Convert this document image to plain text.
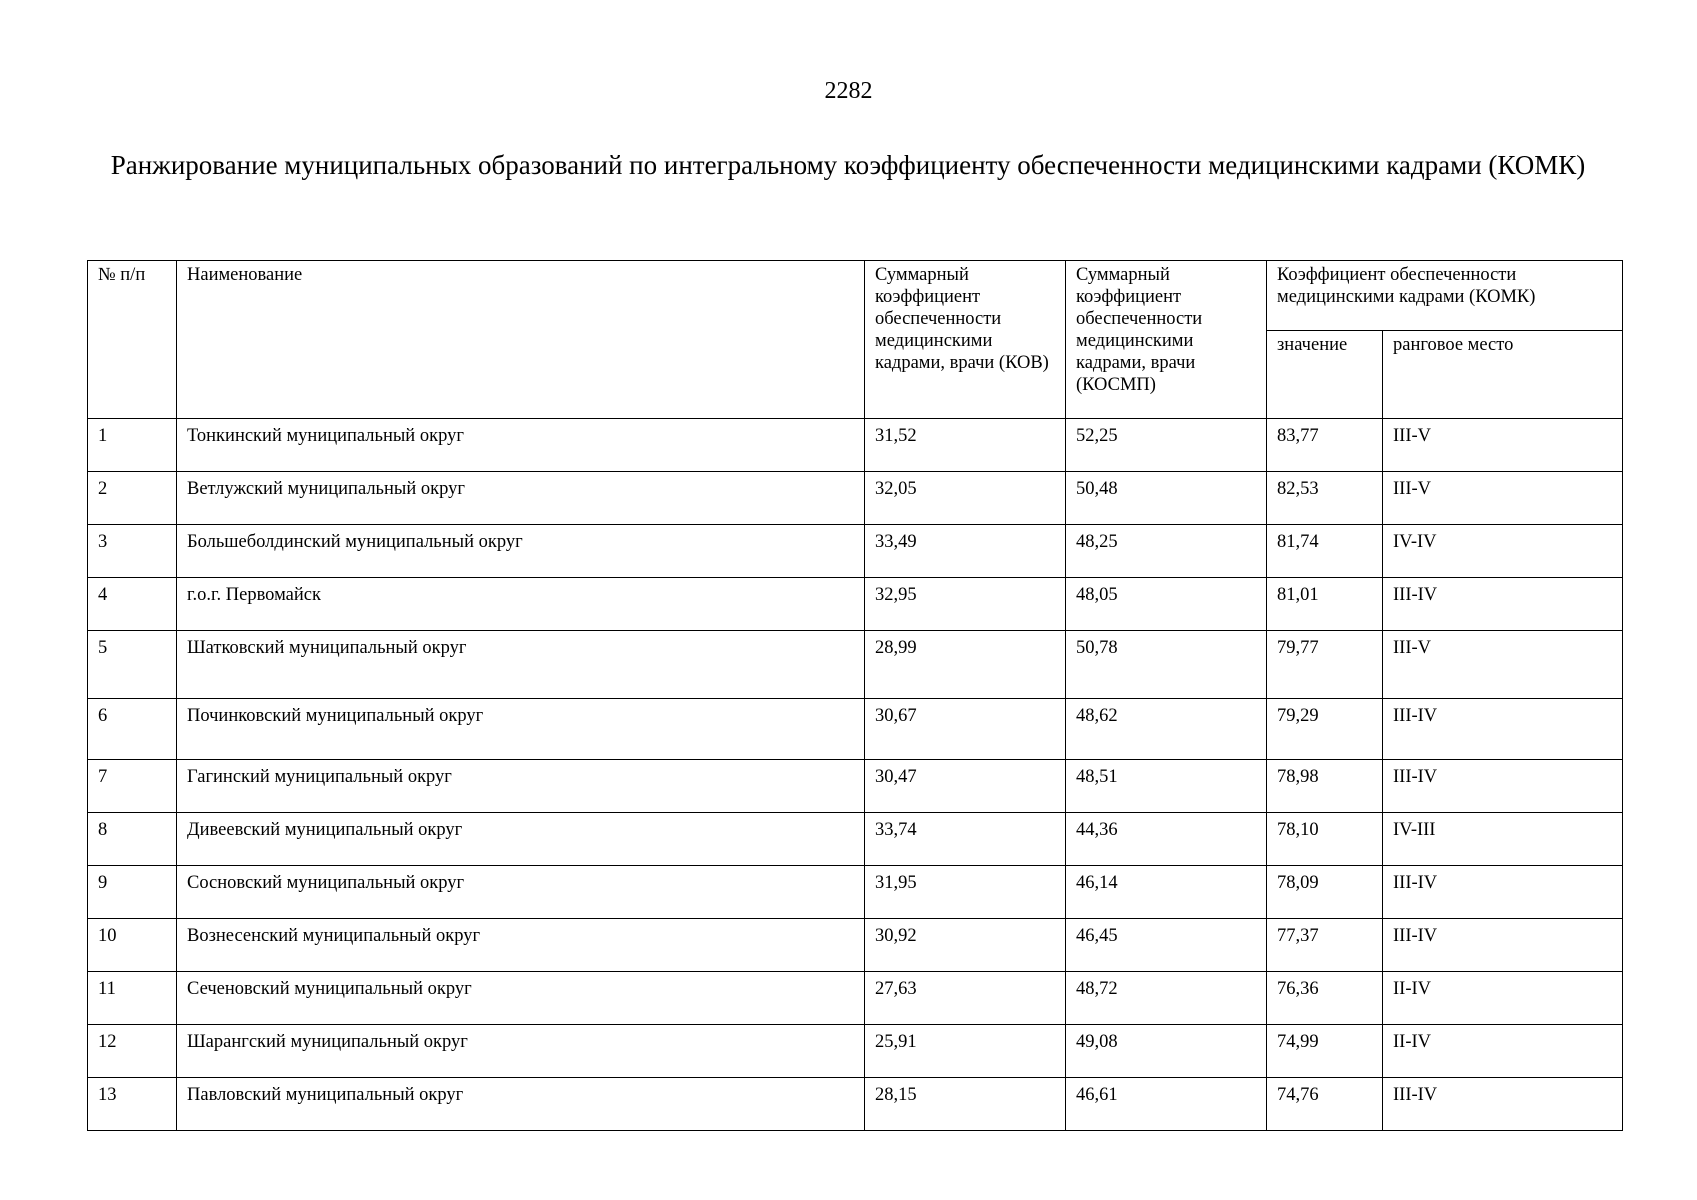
2282
Ранжирование муниципальных образований по интегральному коэффициенту обеспеченности медицинскими кадрами (КОМК)
№ п/п	Наименование	Суммарный коэффициент обеспеченности медицинскими кадрами, врачи (КОВ)	Суммарный коэффициент обеспеченности медицинскими кадрами, врачи (КОСМП)	Коэффициент обеспеченности медицинскими кадрами (КОМК)	
				значение	ранговое место
1	Тонкинский муниципальный округ	31,52	52,25	83,77	III-V
2	Ветлужский муниципальный округ	32,05	50,48	82,53	III-V
3	Большеболдинский муниципальный округ	33,49	48,25	81,74	IV-IV
4	г.о.г. Первомайск	32,95	48,05	81,01	III-IV
5	Шатковский муниципальный округ	28,99	50,78	79,77	III-V
6	Починковский муниципальный округ	30,67	48,62	79,29	III-IV
7	Гагинский муниципальный округ	30,47	48,51	78,98	III-IV
8	Дивеевский муниципальный округ	33,74	44,36	78,10	IV-III
9	Сосновский муниципальный округ	31,95	46,14	78,09	III-IV
10	Вознесенский муниципальный округ	30,92	46,45	77,37	III-IV
11	Сеченовский муниципальный округ	27,63	48,72	76,36	II-IV
12	Шарангский муниципальный округ	25,91	49,08	74,99	II-IV
13	Павловский муниципальный округ	28,15	46,61	74,76	III-IV
